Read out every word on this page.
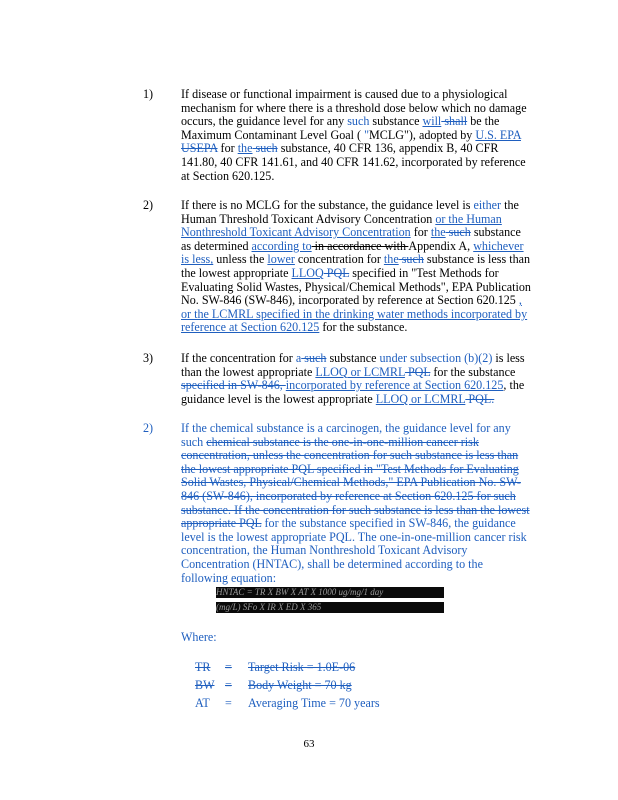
1) If disease or functional impairment is caused due to a physiological mechanism for where there is a threshold dose below which no damage occurs, the guidance level for any such substance will shall be the Maximum Contaminant Level Goal ( "MCLG"), adopted by U.S. EPA USEPA for the such substance, 40 CFR 136, appendix B, 40 CFR 141.80, 40 CFR 141.61, and 40 CFR 141.62, incorporated by reference at Section 620.125.
2) If there is no MCLG for the substance, the guidance level is either the Human Threshold Toxicant Advisory Concentration or the Human Nonthreshold Toxicant Advisory Concentration for the such substance as determined according to in accordance with Appendix A, whichever is less, unless the lower concentration for the such substance is less than the lowest appropriate LLOQ PQL specified in "Test Methods for Evaluating Solid Wastes, Physical/Chemical Methods", EPA Publication No. SW-846 (SW-846), incorporated by reference at Section 620.125 , or the LCMRL specified in the drinking water methods incorporated by reference at Section 620.125 for the substance.
3) If the concentration for a such substance under subsection (b)(2) is less than the lowest appropriate LLOQ or LCMRL PQL for the substance specified in SW-846, incorporated by reference at Section 620.125, the guidance level is the lowest appropriate LLOQ or LCMRL PQL.
2) If the chemical substance is a carcinogen, the guidance level for any such chemical substance is the one-in-one-million cancer risk concentration, unless the concentration for such substance is less than the lowest appropriate PQL specified in "Test Methods for Evaluating Solid Wastes, Physical/Chemical Methods," EPA Publication No. SW-846 (SW-846), incorporated by reference at Section 620.125 for such substance. If the concentration for such substance is less than the lowest appropriate PQL for the substance specified in SW-846, the guidance level is the lowest appropriate PQL. The one-in-one-million cancer risk concentration, the Human Nonthreshold Toxicant Advisory Concentration (HNTAC), shall be determined according to the following equation:
HNTAC = TR X BW X AT X 1000 ug/mg/1 day
(mg/L) SFo X IR X ED X 365
Where:
TR = Target Risk = 1.0E-06
BW = Body Weight = 70 kg
AT = Averaging Time = 70 years
63
